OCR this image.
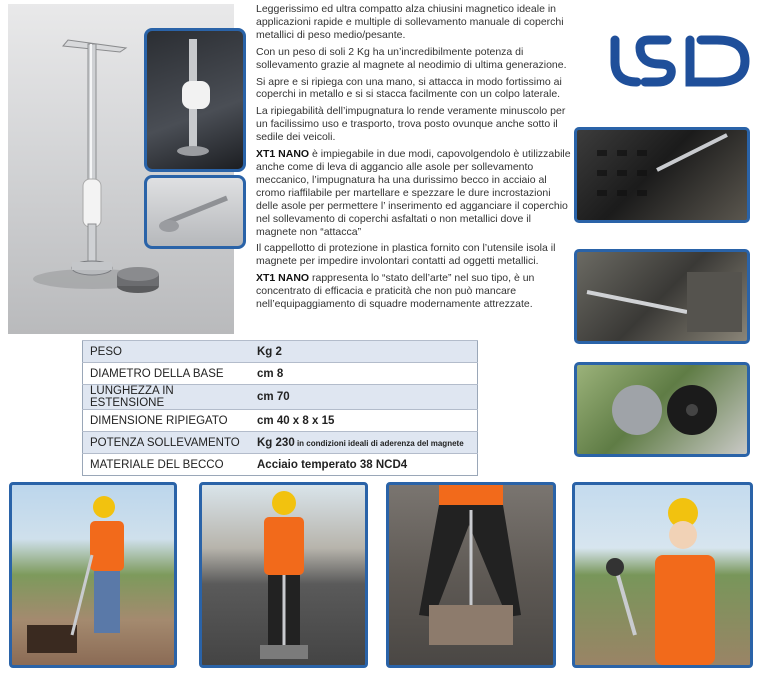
Leggerissimo ed ultra compatto alza chiusini magnetico ideale in applicazioni rapide e multiple di sollevamento manuale di coperchi metallici di peso medio/pesante.

Con un peso di soli 2 Kg ha un’incredibilmente potenza di sollevamento grazie al magnete al neodimio di ultima generazione.

Si apre e si ripiega con una mano, si attacca in modo fortissimo ai coperchi in metallo e si si stacca facilmente con un colpo laterale.

La ripiegabilità dell’impugnatura lo rende veramente minuscolo per un facilissimo uso e trasporto, trova posto ovunque anche sotto il sedile dei veicoli.

XT1 NANO è impiegabile in due modi, capovolgendolo è utilizzabile anche come di leva di aggancio alle asole per sollevamento meccanico, l’impugnatura ha una durissimo becco in acciaio al cromo riaffilabile per martellare e spezzare le dure incrostazioni delle asole per permettere l’ inserimento ed agganciare il coperchio nel sollevamento di coperchi asfaltati o non metallici dove il magnete non “attacca”

Il cappellotto di protezione in plastica fornito con l’utensile isola il magnete per impedire involontari contatti ad oggetti metallici.

XT1 NANO rappresenta lo “stato dell’arte” nel suo tipo, è un concentrato di efficacia e praticità che non può mancare nell’equipaggiamento di squadre modernamente attrezzate.

PESO	Kg 2
DIAMETRO DELLA BASE	cm 8
LUNGHEZZA IN ESTENSIONE	cm 70
DIMENSIONE RIPIEGATO	cm 40 x 8 x 15
POTENZA SOLLEVAMENTO	Kg 230 in condizioni ideali di aderenza del magnete
MATERIALE DEL BECCO	Acciaio temperato 38 NCD4
